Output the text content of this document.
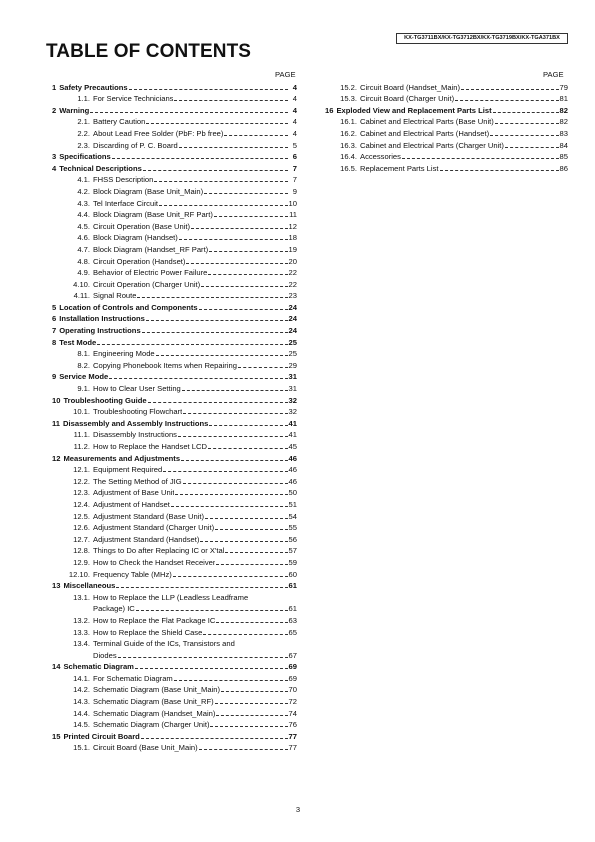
KX-TG3711BX/KX-TG3712BX/KX-TG3719BX/KX-TGA371BX
TABLE OF CONTENTS
PAGE	PAGE
1 Safety Precautions	4
1.1. For Service Technicians	4
2 Warning	4
2.1. Battery Caution	4
2.2. About Lead Free Solder (PbF: Pb free)	4
2.3. Discarding of P. C. Board	5
3 Specifications	6
4 Technical Descriptions	7
4.1. FHSS Description	7
4.2. Block Diagram (Base Unit_Main)	9
4.3. Tel Interface Circuit	10
4.4. Block Diagram (Base Unit_RF Part)	11
4.5. Circuit Operation (Base Unit)	12
4.6. Block Diagram (Handset)	18
4.7. Block Diagram (Handset_RF Part)	19
4.8. Circuit Operation (Handset)	20
4.9. Behavior of Electric Power Failure	22
4.10. Circuit Operation (Charger Unit)	22
4.11. Signal Route	23
5 Location of Controls and Components	24
6 Installation Instructions	24
7 Operating Instructions	24
8 Test Mode	25
8.1. Engineering Mode	25
8.2. Copying Phonebook Items when Repairing	29
9 Service Mode	31
9.1. How to Clear User Setting	31
10 Troubleshooting Guide	32
10.1. Troubleshooting Flowchart	32
11 Disassembly and Assembly Instructions	41
11.1. Disassembly Instructions	41
11.2. How to Replace the Handset LCD	45
12 Measurements and Adjustments	46
12.1. Equipment Required	46
12.2. The Setting Method of JIG	46
12.3. Adjustment of Base Unit	50
12.4. Adjustment of Handset	51
12.5. Adjustment Standard (Base Unit)	54
12.6. Adjustment Standard (Charger Unit)	55
12.7. Adjustment Standard (Handset)	56
12.8. Things to Do after Replacing IC or X'tal	57
12.9. How to Check the Handset Receiver	59
12.10. Frequency Table (MHz)	60
13 Miscellaneous	61
13.1. How to Replace the LLP (Leadless Leadframe
Package) IC	61
13.2. How to Replace the Flat Package IC	63
13.3. How to Replace the Shield Case	65
13.4. Terminal Guide of the ICs, Transistors and
Diodes	67
14 Schematic Diagram	69
14.1. For Schematic Diagram	69
14.2. Schematic Diagram (Base Unit_Main)	70
14.3. Schematic Diagram (Base Unit_RF)	72
14.4. Schematic Diagram (Handset_Main)	74
14.5. Schematic Diagram (Charger Unit)	76
15 Printed Circuit Board	77
15.1. Circuit Board (Base Unit_Main)	77
15.2. Circuit Board (Handset_Main)	79
15.3. Circuit Board (Charger Unit)	81
16 Exploded View and Replacement Parts List	82
16.1. Cabinet and Electrical Parts (Base Unit)	82
16.2. Cabinet and Electrical Parts (Handset)	83
16.3. Cabinet and Electrical Parts (Charger Unit)	84
16.4. Accessories	85
16.5. Replacement Parts List	86
3
